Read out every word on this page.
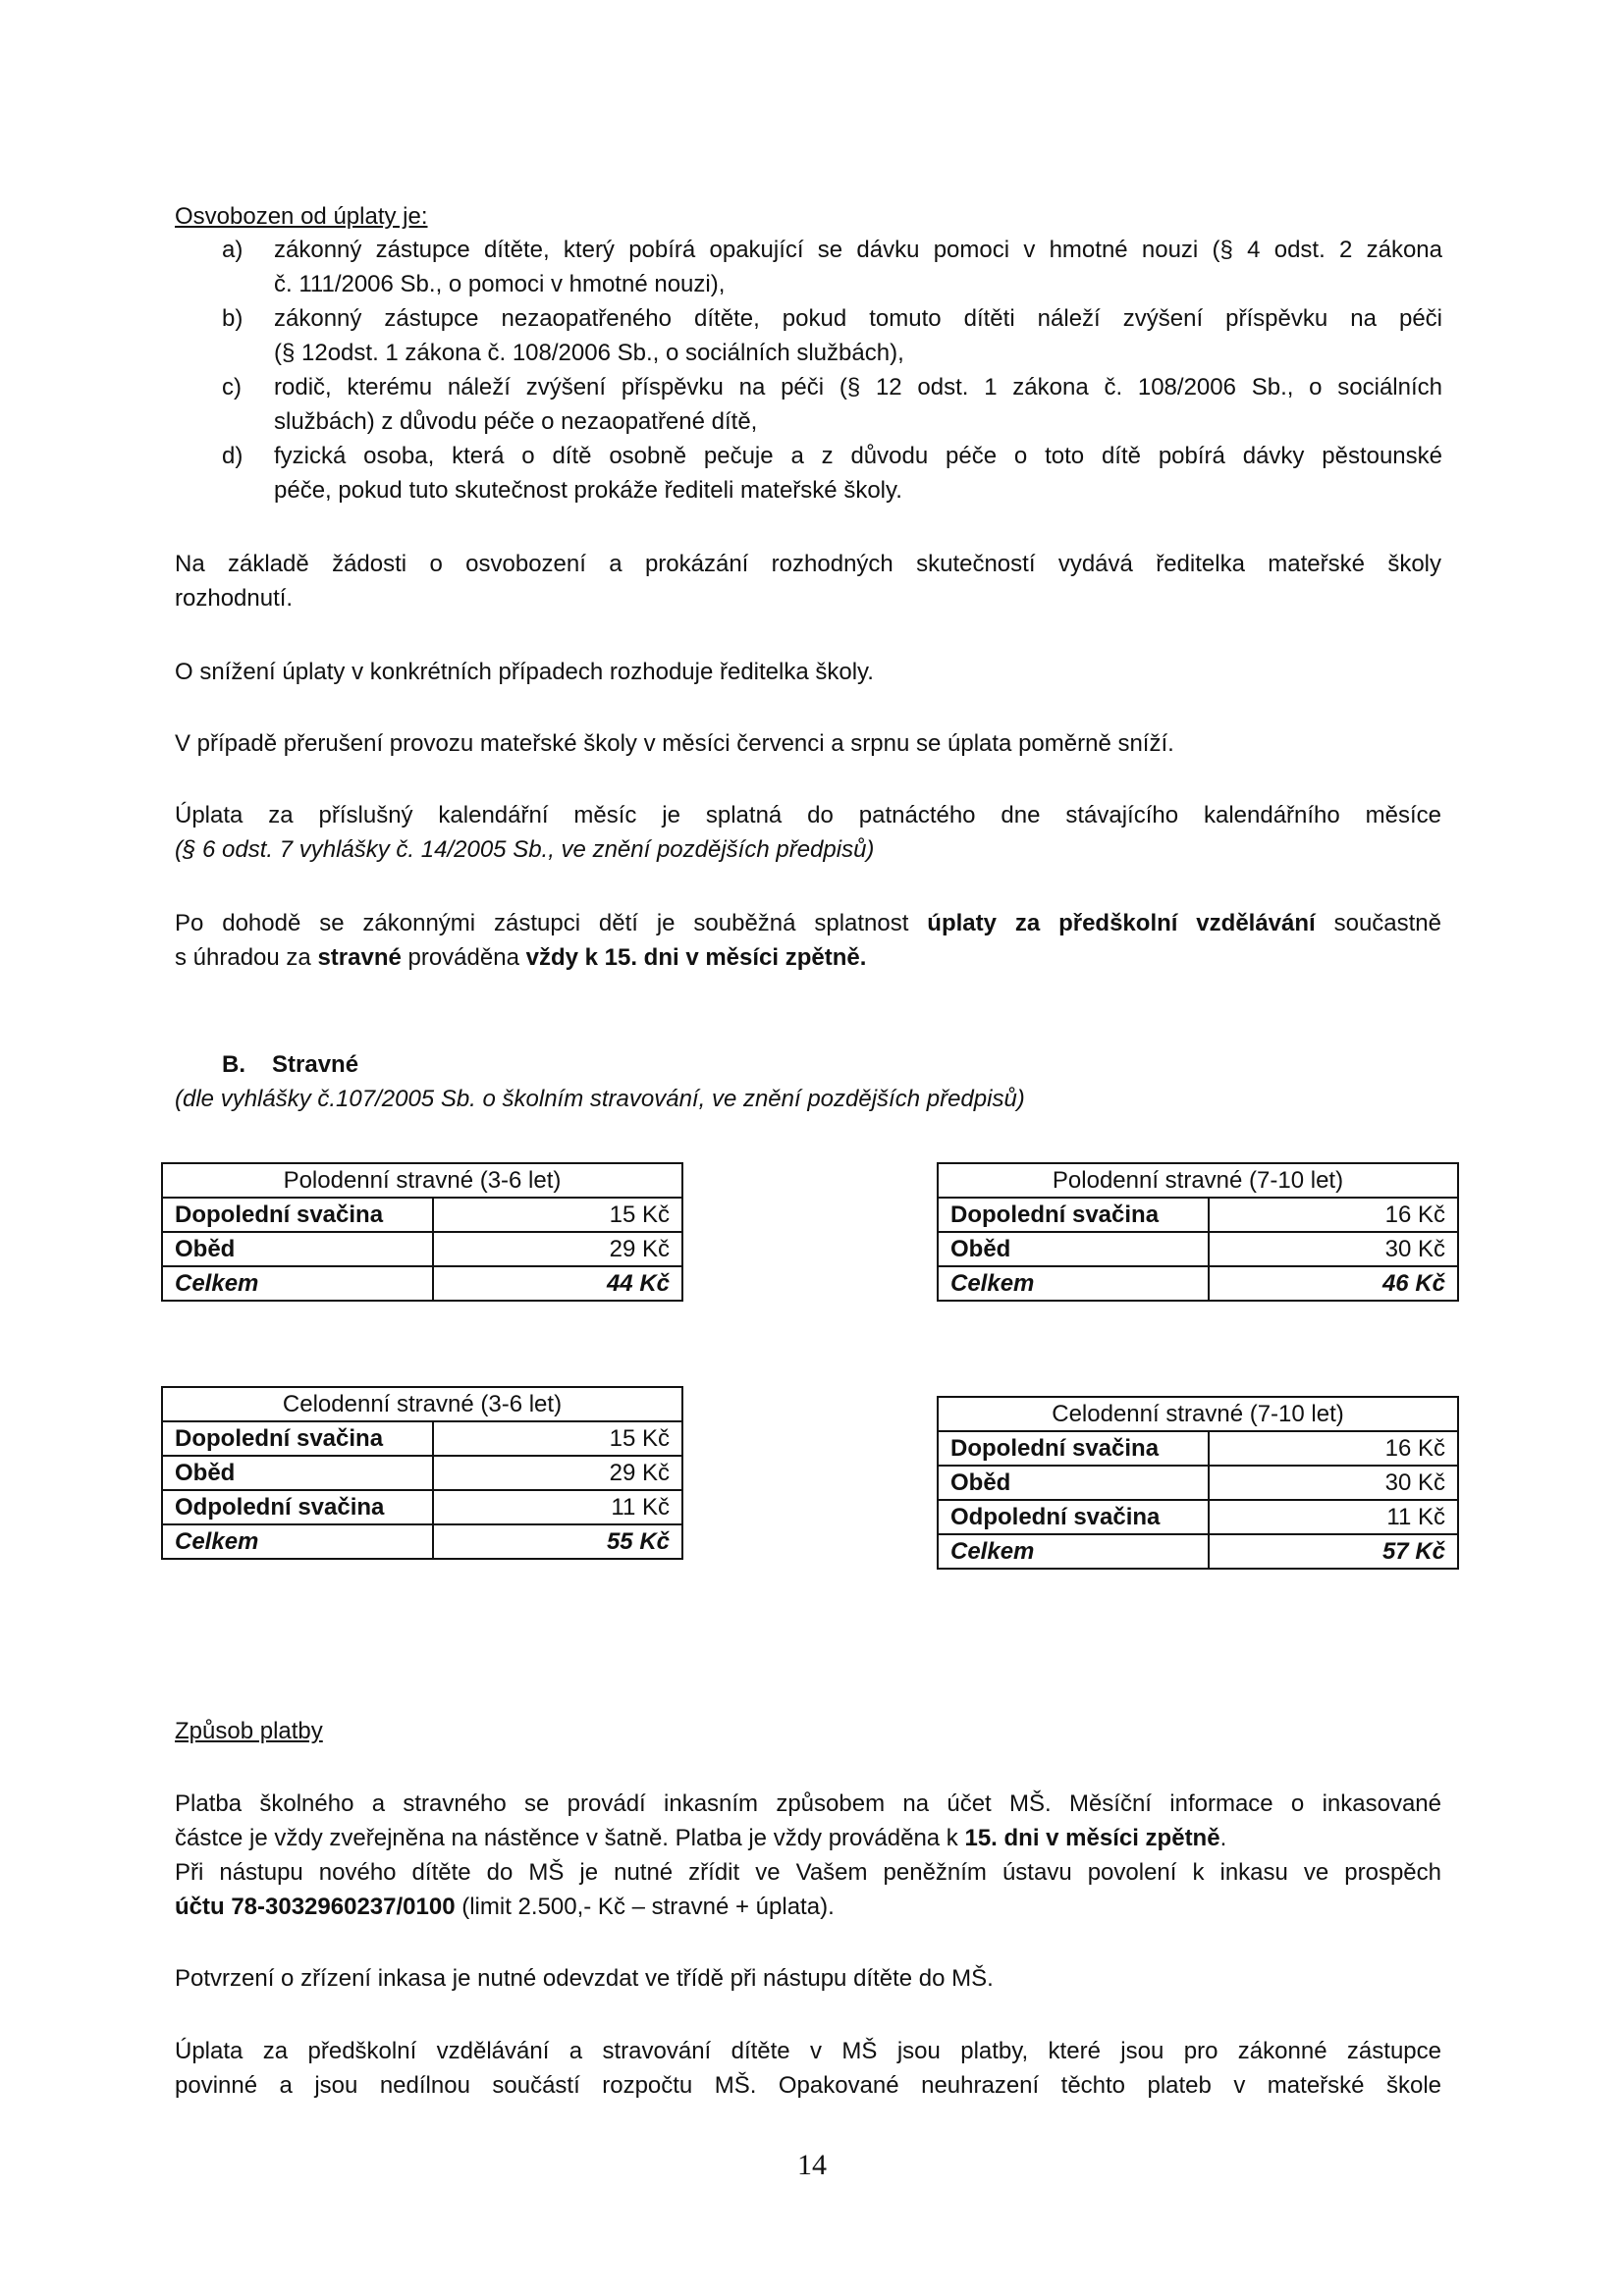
Osvobozen od úplaty je:
a) zákonný zástupce dítěte, který pobírá opakující se dávku pomoci v hmotné nouzi (§ 4 odst. 2 zákona
č. 111/2006 Sb., o pomoci v hmotné nouzi),
b) zákonný zástupce nezaopatřeného dítěte, pokud tomuto dítěti náleží zvýšení příspěvku na péči
(§ 12odst. 1 zákona č. 108/2006 Sb., o sociálních službách),
c) rodič, kterému náleží zvýšení příspěvku na péči (§ 12 odst. 1 zákona č. 108/2006 Sb., o sociálních
službách) z důvodu péče o nezaopatřené dítě,
d) fyzická osoba, která o dítě osobně pečuje a z důvodu péče o toto dítě pobírá dávky pěstounské
péče, pokud tuto skutečnost prokáže řediteli mateřské školy.
Na základě žádosti o osvobození a prokázání rozhodných skutečností vydává ředitelka mateřské školy
rozhodnutí.
O snížení úplaty v konkrétních případech rozhoduje ředitelka školy.
V případě přerušení provozu mateřské školy v měsíci červenci a srpnu se úplata poměrně sníží.
Úplata za příslušný kalendářní měsíc je splatná do patnáctého dne stávajícího kalendářního měsíce
(§ 6 odst. 7 vyhlášky č. 14/2005 Sb., ve znění pozdějších předpisů)
Po dohodě se zákonnými zástupci dětí je souběžná splatnost úplaty za předškolní vzdělávání součastně
s úhradou za stravné prováděna vždy k 15. dni v měsíci zpětně.
B. Stravné
(dle vyhlášky č.107/2005 Sb. o školním stravování, ve znění pozdějších předpisů)
Polodenní stravné (3-6 let)	
Dopolední svačina	15 Kč
Oběd	29 Kč
Celkem	44 Kč
Polodenní stravné (7-10 let)	
Dopolední svačina	16 Kč
Oběd	30 Kč
Celkem	46 Kč
Celodenní stravné (3-6 let)	
Dopolední svačina	15 Kč
Oběd	29 Kč
Odpolední svačina	11 Kč
Celkem	55 Kč
Celodenní stravné (7-10 let)	
Dopolední svačina	16 Kč
Oběd	30 Kč
Odpolední svačina	11 Kč
Celkem	57 Kč
Způsob platby
Platba školného a stravného se provádí inkasním způsobem na účet MŠ. Měsíční informace o inkasované
částce je vždy zveřejněna na nástěnce v šatně. Platba je vždy prováděna k 15. dni v měsíci zpětně.
Při nástupu nového dítěte do MŠ je nutné zřídit ve Vašem peněžním ústavu povolení k inkasu ve prospěch
účtu 78-3032960237/0100 (limit 2.500,- Kč – stravné + úplata).
Potvrzení o zřízení inkasa je nutné odevzdat ve třídě při nástupu dítěte do MŠ.
Úplata za předškolní vzdělávání a stravování dítěte v MŠ jsou platby, které jsou pro zákonné zástupce
povinné a jsou nedílnou součástí rozpočtu MŠ. Opakované neuhrazení těchto plateb v mateřské škole
14
